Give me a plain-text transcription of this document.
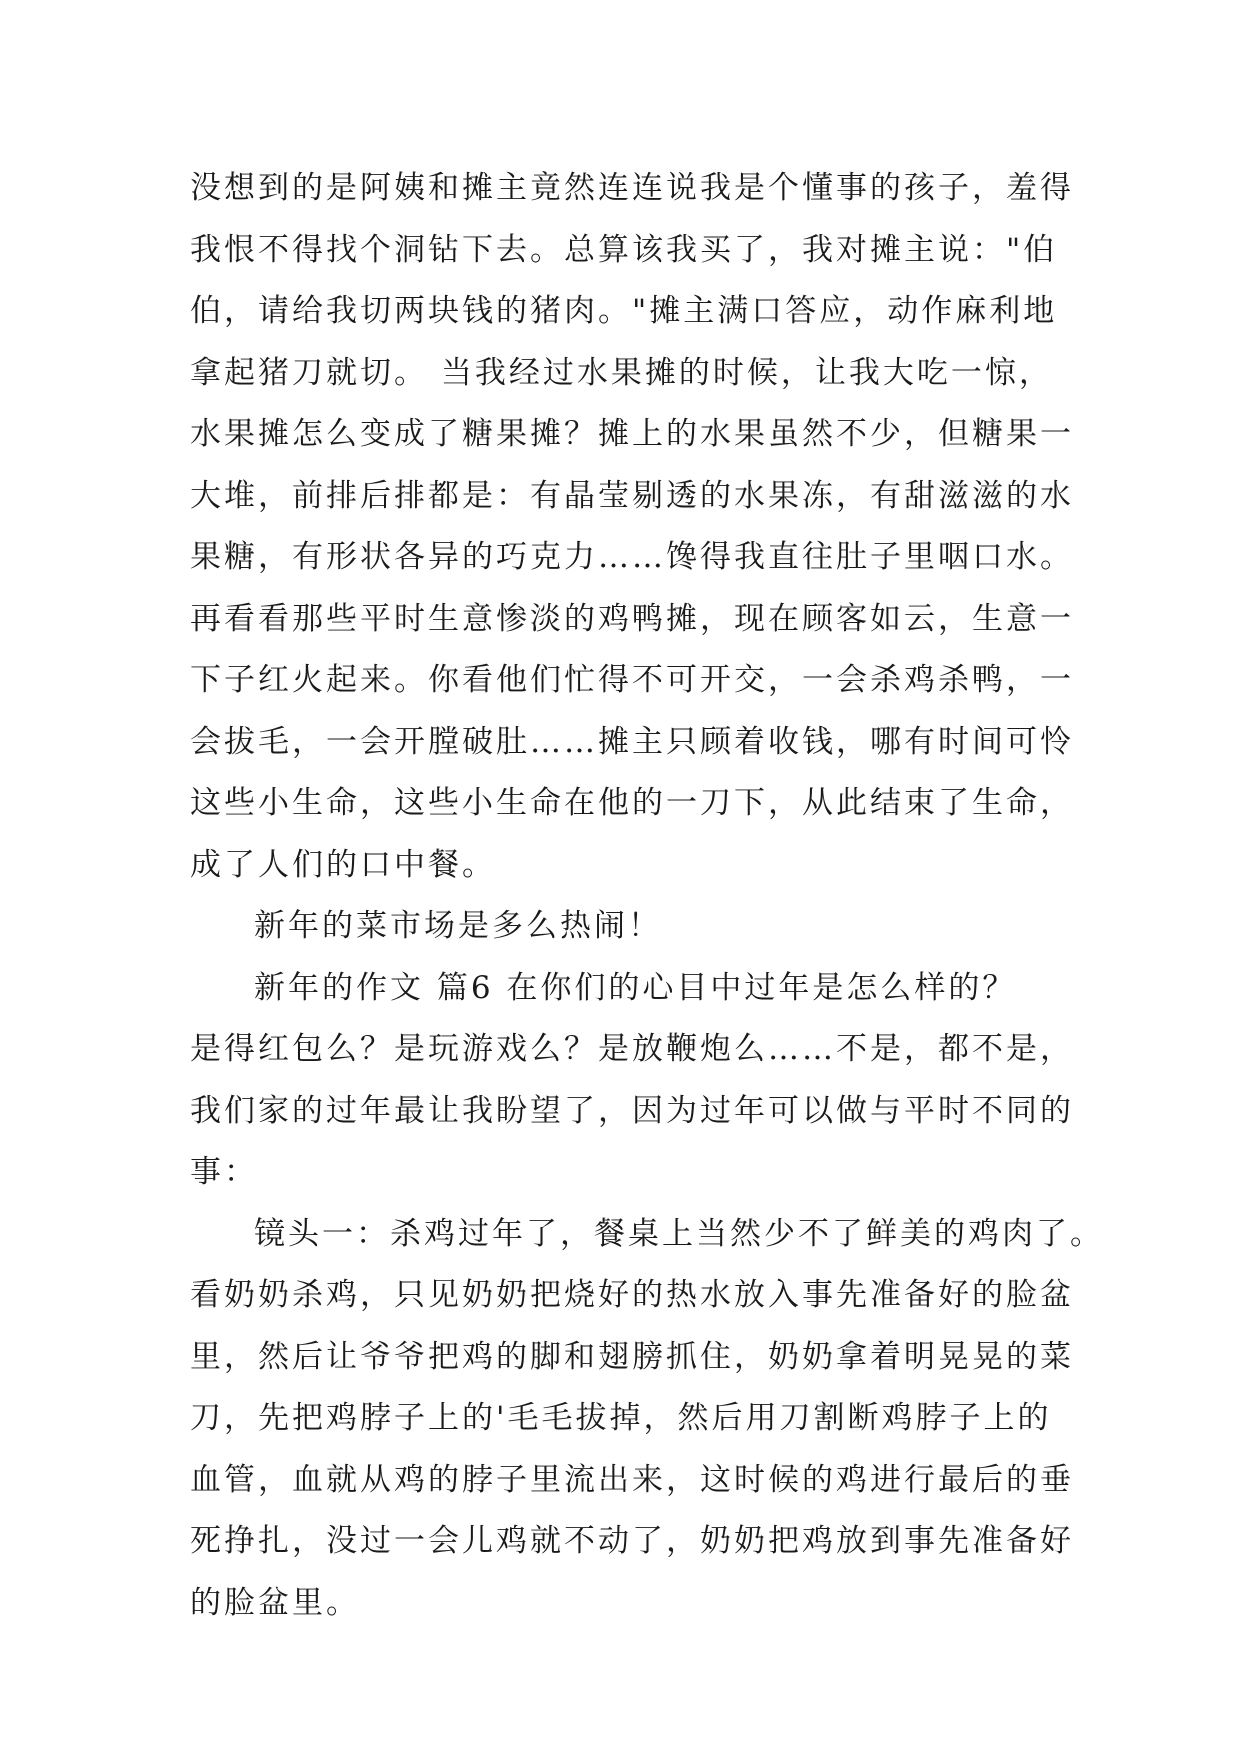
没想到的是阿姨和摊主竟然连连说我是个懂事的孩子，羞得
我恨不得找个洞钻下去。总算该我买了，我对摊主说："伯
伯，请给我切两块钱的猪肉。"摊主满口答应，动作麻利地
拿起猪刀就切。 当我经过水果摊的时候，让我大吃一惊，
水果摊怎么变成了糖果摊？摊上的水果虽然不少，但糖果一
大堆，前排后排都是：有晶莹剔透的水果冻，有甜滋滋的水
果糖，有形状各异的巧克力……馋得我直往肚子里咽口水。
再看看那些平时生意惨淡的鸡鸭摊，现在顾客如云，生意一
下子红火起来。你看他们忙得不可开交，一会杀鸡杀鸭，一
会拔毛，一会开膛破肚……摊主只顾着收钱，哪有时间可怜
这些小生命，这些小生命在他的一刀下，从此结束了生命，
成了人们的口中餐。
新年的菜市场是多么热闹！
新年的作文 篇6 在你们的心目中过年是怎么样的？
是得红包么？是玩游戏么？是放鞭炮么……不是，都不是，
我们家的过年最让我盼望了，因为过年可以做与平时不同的
事：
镜头一：杀鸡过年了，餐桌上当然少不了鲜美的鸡肉了。
看奶奶杀鸡，只见奶奶把烧好的热水放入事先准备好的脸盆
里，然后让爷爷把鸡的脚和翅膀抓住，奶奶拿着明晃晃的菜
刀，先把鸡脖子上的'毛毛拔掉，然后用刀割断鸡脖子上的
血管，血就从鸡的脖子里流出来，这时候的鸡进行最后的垂
死挣扎，没过一会儿鸡就不动了，奶奶把鸡放到事先准备好
的脸盆里。
